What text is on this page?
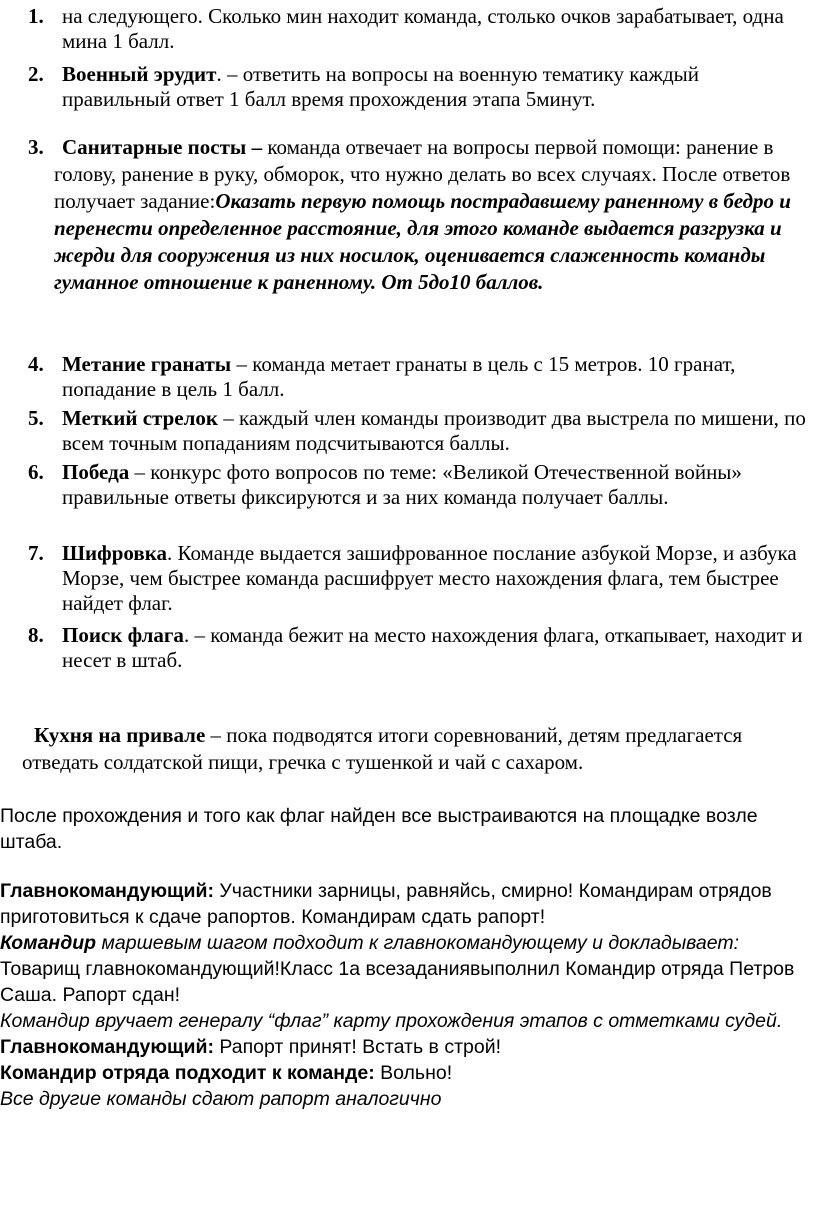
1. на следующего. Сколько мин находит команда, столько очков зарабатывает, одна мина 1 балл.

2. Военный эрудит. – ответить на вопросы на военную тематику каждый правильный ответ 1 балл время прохождения этапа 5минут.

3. Санитарные посты – команда отвечает на вопросы первой помощи: ранение в голову, ранение в руку, обморок, что нужно делать во всех случаях. После ответов получает задание:Оказать первую помощь пострадавшему раненному в бедро и перенести определенное расстояние, для этого команде выдается разгрузка и жерди для сооружения из них носилок, оценивается слаженность команды гуманное отношение к раненному. От 5до10 баллов.

4. Метание гранаты – команда метает гранаты в цель с 15 метров. 10 гранат, попадание в цель 1 балл.

5. Меткий стрелок – каждый член команды производит два выстрела по мишени, по всем точным попаданиям подсчитываются баллы.

6. Победа – конкурс фото вопросов по теме: «Великой Отечественной войны» правильные ответы фиксируются и за них команда получает баллы.

7. Шифровка. Команде выдается зашифрованное послание азбукой Морзе, и азбука Морзе, чем быстрее команда расшифрует место нахождения флага, тем быстрее найдет флаг.

8. Поиск флага. – команда бежит на место нахождения флага, откапывает, находит и несет в штаб.

Кухня на привале – пока подводятся итоги соревнований, детям предлагается отведать солдатской пищи, гречка с тушенкой и чай с сахаром.

После прохождения и того как флаг найден все выстраиваются на площадке возле штаба.

Главнокомандующий: Участники зарницы, равняйсь, смирно! Командирам отрядов приготовиться к сдаче рапортов. Командирам сдать рапорт!

Командир маршевым шагом подходит к главнокомандующему и докладывает:

Товарищ главнокомандующий!Класс 1а всезаданиявыполнил Командир отряда Петров Саша. Рапорт сдан!

Командир вручает генералу “флаг” карту прохождения этапов с отметками судей.

Главнокомандующий: Рапорт принят! Встать в строй!

Командир отряда подходит к команде: Вольно!

Все другие команды сдают рапорт аналогично
